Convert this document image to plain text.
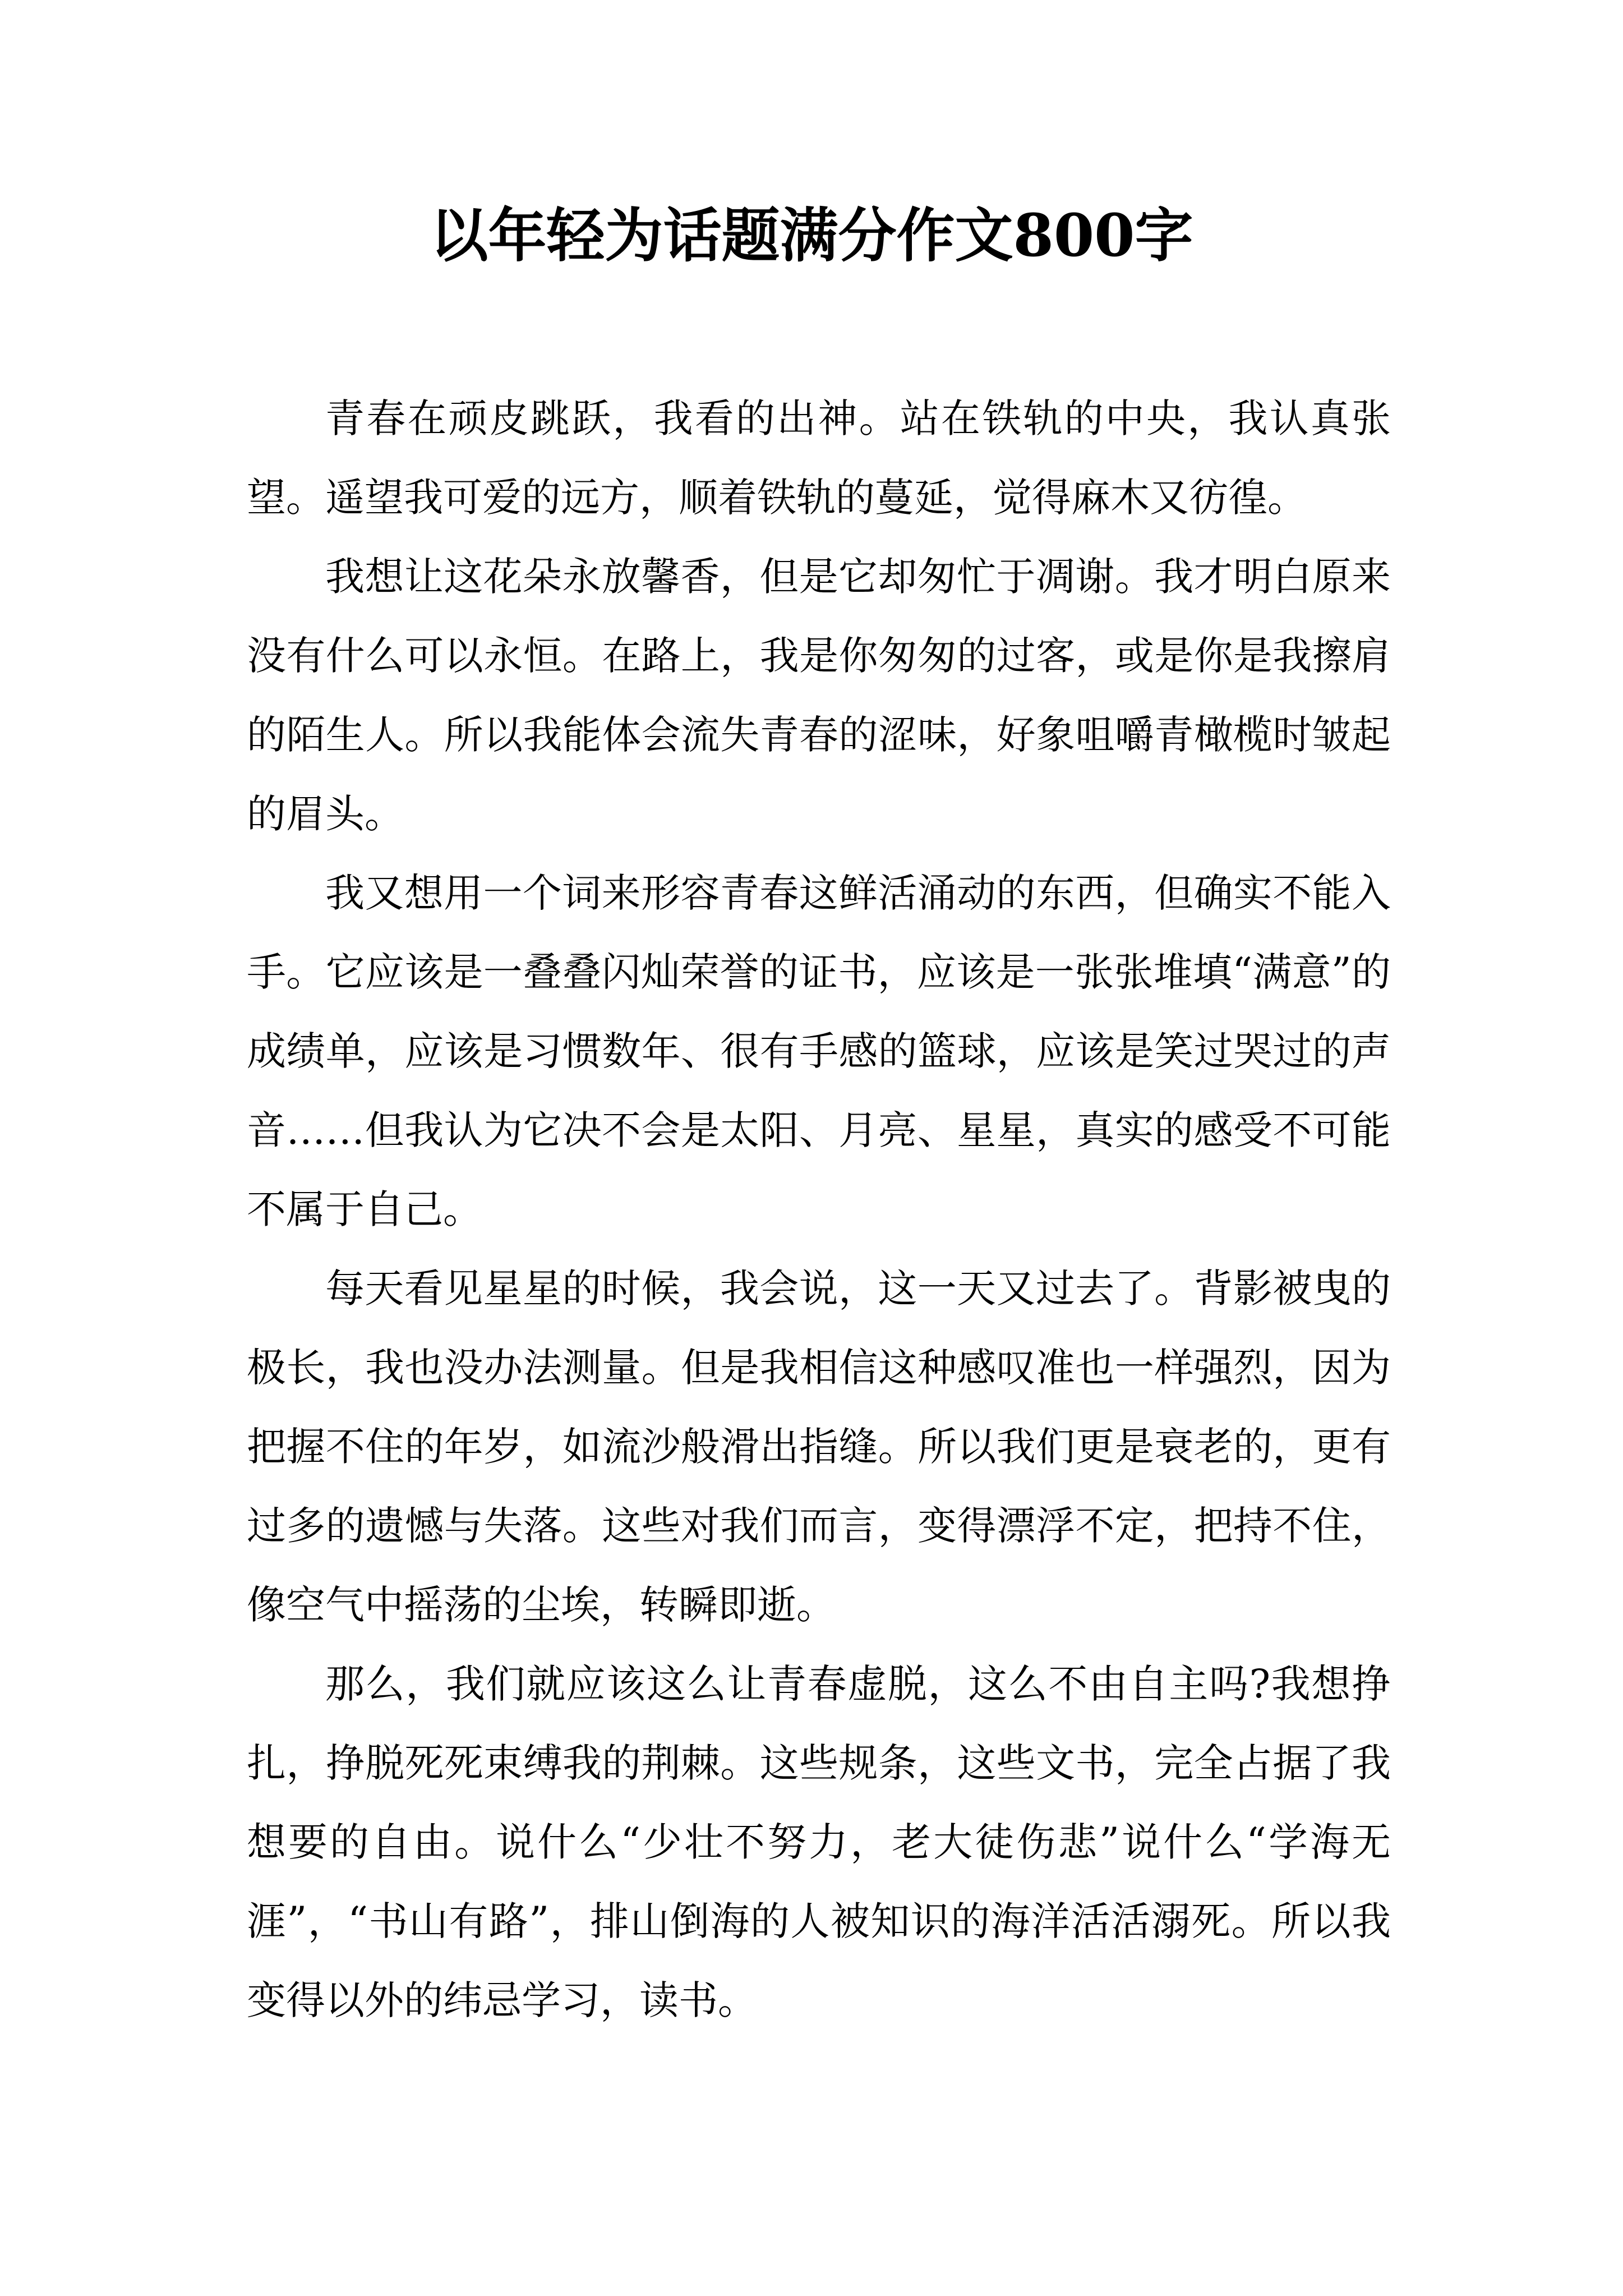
以年轻为话题满分作文800字

青春在顽皮跳跃，我看的出神。站在铁轨的中央，我认真张望。遥望我可爱的远方，顺着铁轨的蔓延，觉得麻木又彷徨。

我想让这花朵永放馨香，但是它却匆忙于凋谢。我才明白原来没有什么可以永恒。在路上，我是你匆匆的过客，或是你是我擦肩的陌生人。所以我能体会流失青春的涩味，好象咀嚼青橄榄时皱起的眉头。

我又想用一个词来形容青春这鲜活涌动的东西，但确实不能入手。它应该是一叠叠闪灿荣誉的证书，应该是一张张堆填“满意”的成绩单，应该是习惯数年、很有手感的篮球，应该是笑过哭过的声音……但我认为它决不会是太阳、月亮、星星，真实的感受不可能不属于自己。

每天看见星星的时候，我会说，这一天又过去了。背影被曳的极长，我也没办法测量。但是我相信这种感叹准也一样强烈，因为把握不住的年岁，如流沙般滑出指缝。所以我们更是衰老的，更有过多的遗憾与失落。这些对我们而言，变得漂浮不定，把持不住，像空气中摇荡的尘埃，转瞬即逝。

那么，我们就应该这么让青春虚脱，这么不由自主吗?我想挣扎，挣脱死死束缚我的荆棘。这些规条，这些文书，完全占据了我想要的自由。说什么“少壮不努力，老大徒伤悲”说什么“学海无涯”，“书山有路”，排山倒海的人被知识的海洋活活溺死。所以我变得以外的纬忌学习，读书。
